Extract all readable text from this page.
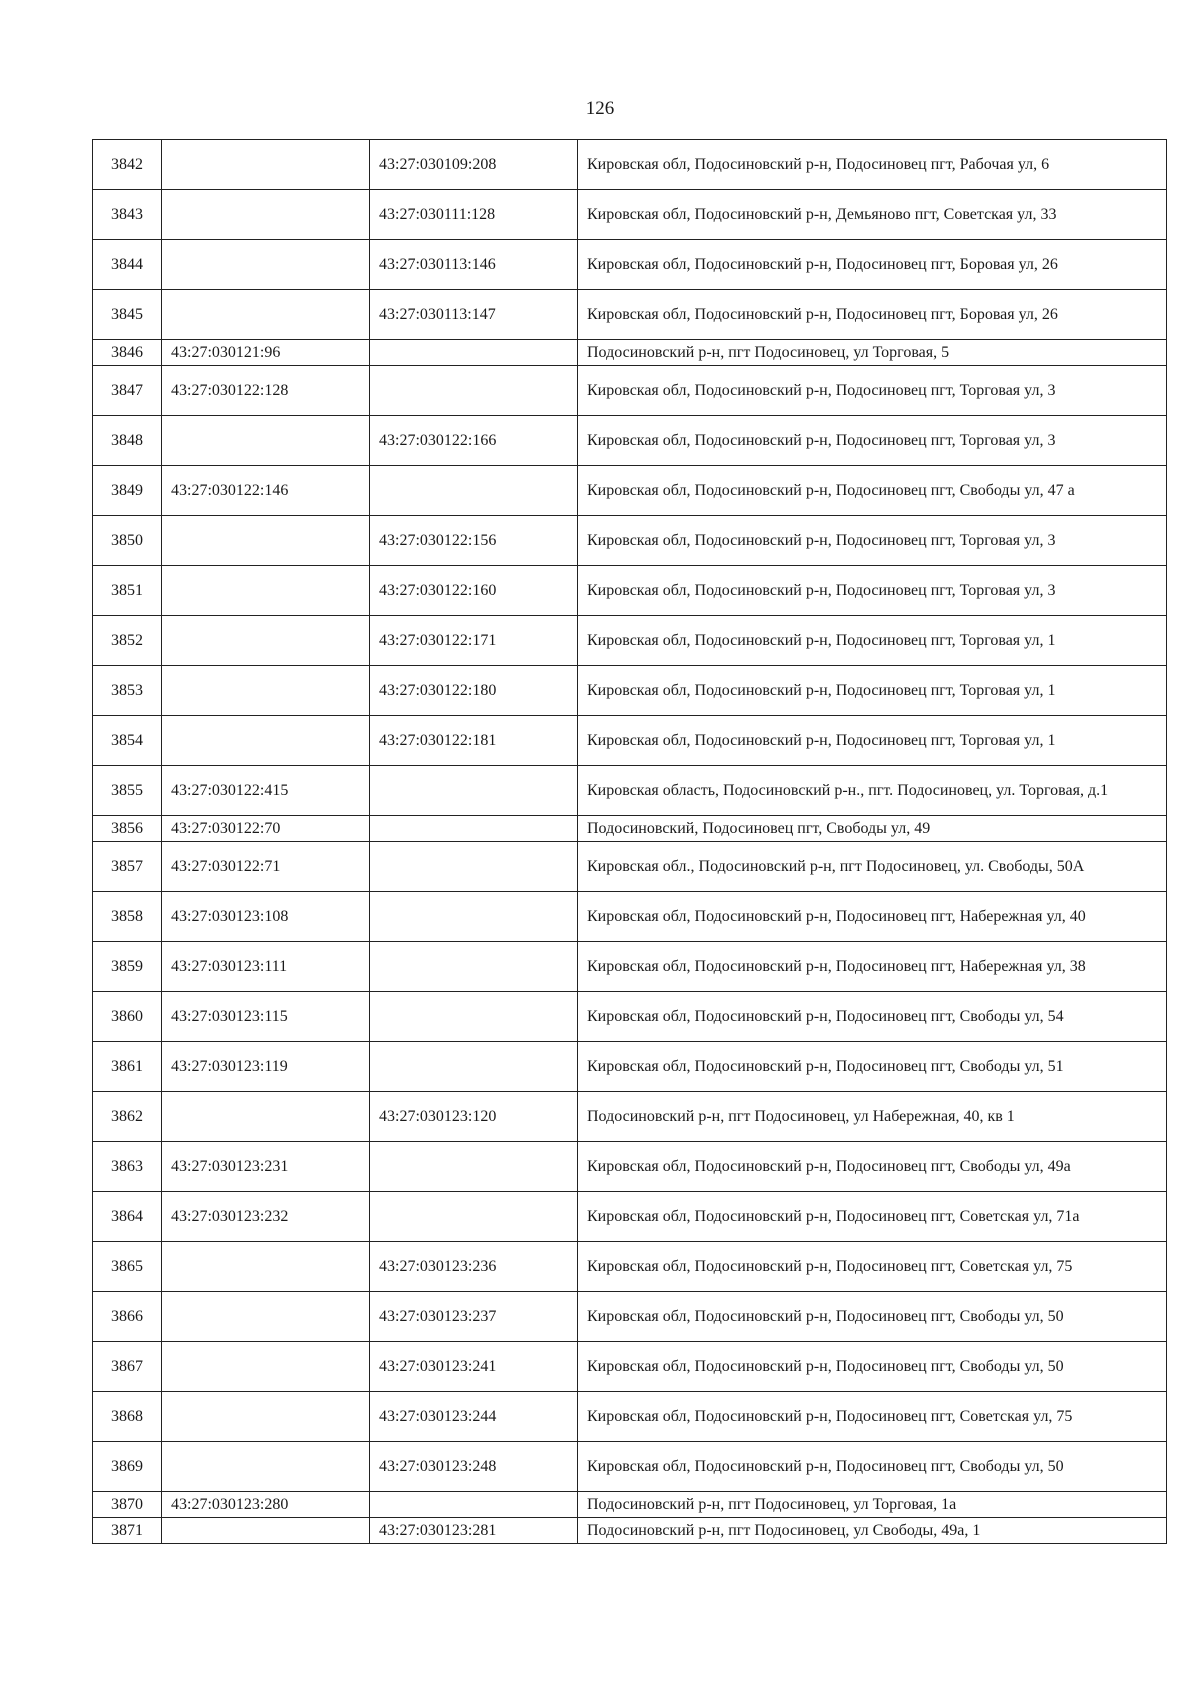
126
3842		43:27:030109:208	Кировская обл, Подосиновский р-н, Подосиновец пгт, Рабочая ул, 6
3843		43:27:030111:128	Кировская обл, Подосиновский р-н, Демьяново пгт, Советская ул, 33
3844		43:27:030113:146	Кировская обл, Подосиновский р-н, Подосиновец пгт, Боровая ул, 26
3845		43:27:030113:147	Кировская обл, Подосиновский р-н, Подосиновец пгт, Боровая ул, 26
3846	43:27:030121:96		Подосиновский р-н, пгт Подосиновец, ул Торговая, 5
3847	43:27:030122:128		Кировская обл, Подосиновский р-н, Подосиновец пгт, Торговая ул, 3
3848		43:27:030122:166	Кировская обл, Подосиновский р-н, Подосиновец пгт, Торговая ул, 3
3849	43:27:030122:146		Кировская обл, Подосиновский р-н, Подосиновец пгт, Свободы ул, 47 а
3850		43:27:030122:156	Кировская обл, Подосиновский р-н, Подосиновец пгт, Торговая ул, 3
3851		43:27:030122:160	Кировская обл, Подосиновский р-н, Подосиновец пгт, Торговая ул, 3
3852		43:27:030122:171	Кировская обл, Подосиновский р-н, Подосиновец пгт, Торговая ул, 1
3853		43:27:030122:180	Кировская обл, Подосиновский р-н, Подосиновец пгт, Торговая ул, 1
3854		43:27:030122:181	Кировская обл, Подосиновский р-н, Подосиновец пгт, Торговая ул, 1
3855	43:27:030122:415		Кировская область, Подосиновский р-н., пгт. Подосиновец, ул. Торговая, д.1
3856	43:27:030122:70		Подосиновский, Подосиновец пгт, Свободы ул, 49
3857	43:27:030122:71		Кировская обл., Подосиновский р-н, пгт Подосиновец, ул. Свободы, 50А
3858	43:27:030123:108		Кировская обл, Подосиновский р-н, Подосиновец пгт, Набережная ул, 40
3859	43:27:030123:111		Кировская обл, Подосиновский р-н, Подосиновец пгт, Набережная ул, 38
3860	43:27:030123:115		Кировская обл, Подосиновский р-н, Подосиновец пгт, Свободы ул, 54
3861	43:27:030123:119		Кировская обл, Подосиновский р-н, Подосиновец пгт, Свободы ул, 51
3862		43:27:030123:120	Подосиновский р-н, пгт Подосиновец, ул Набережная, 40, кв 1
3863	43:27:030123:231		Кировская обл, Подосиновский р-н, Подосиновец пгт, Свободы ул, 49а
3864	43:27:030123:232		Кировская обл, Подосиновский р-н, Подосиновец пгт, Советская ул, 71а
3865		43:27:030123:236	Кировская обл, Подосиновский р-н, Подосиновец пгт, Советская ул, 75
3866		43:27:030123:237	Кировская обл, Подосиновский р-н, Подосиновец пгт, Свободы ул, 50
3867		43:27:030123:241	Кировская обл, Подосиновский р-н, Подосиновец пгт, Свободы ул, 50
3868		43:27:030123:244	Кировская обл, Подосиновский р-н, Подосиновец пгт, Советская ул, 75
3869		43:27:030123:248	Кировская обл, Подосиновский р-н, Подосиновец пгт, Свободы ул, 50
3870	43:27:030123:280		Подосиновский р-н, пгт Подосиновец, ул Торговая, 1а
3871		43:27:030123:281	Подосиновский р-н, пгт Подосиновец, ул Свободы, 49а, 1
